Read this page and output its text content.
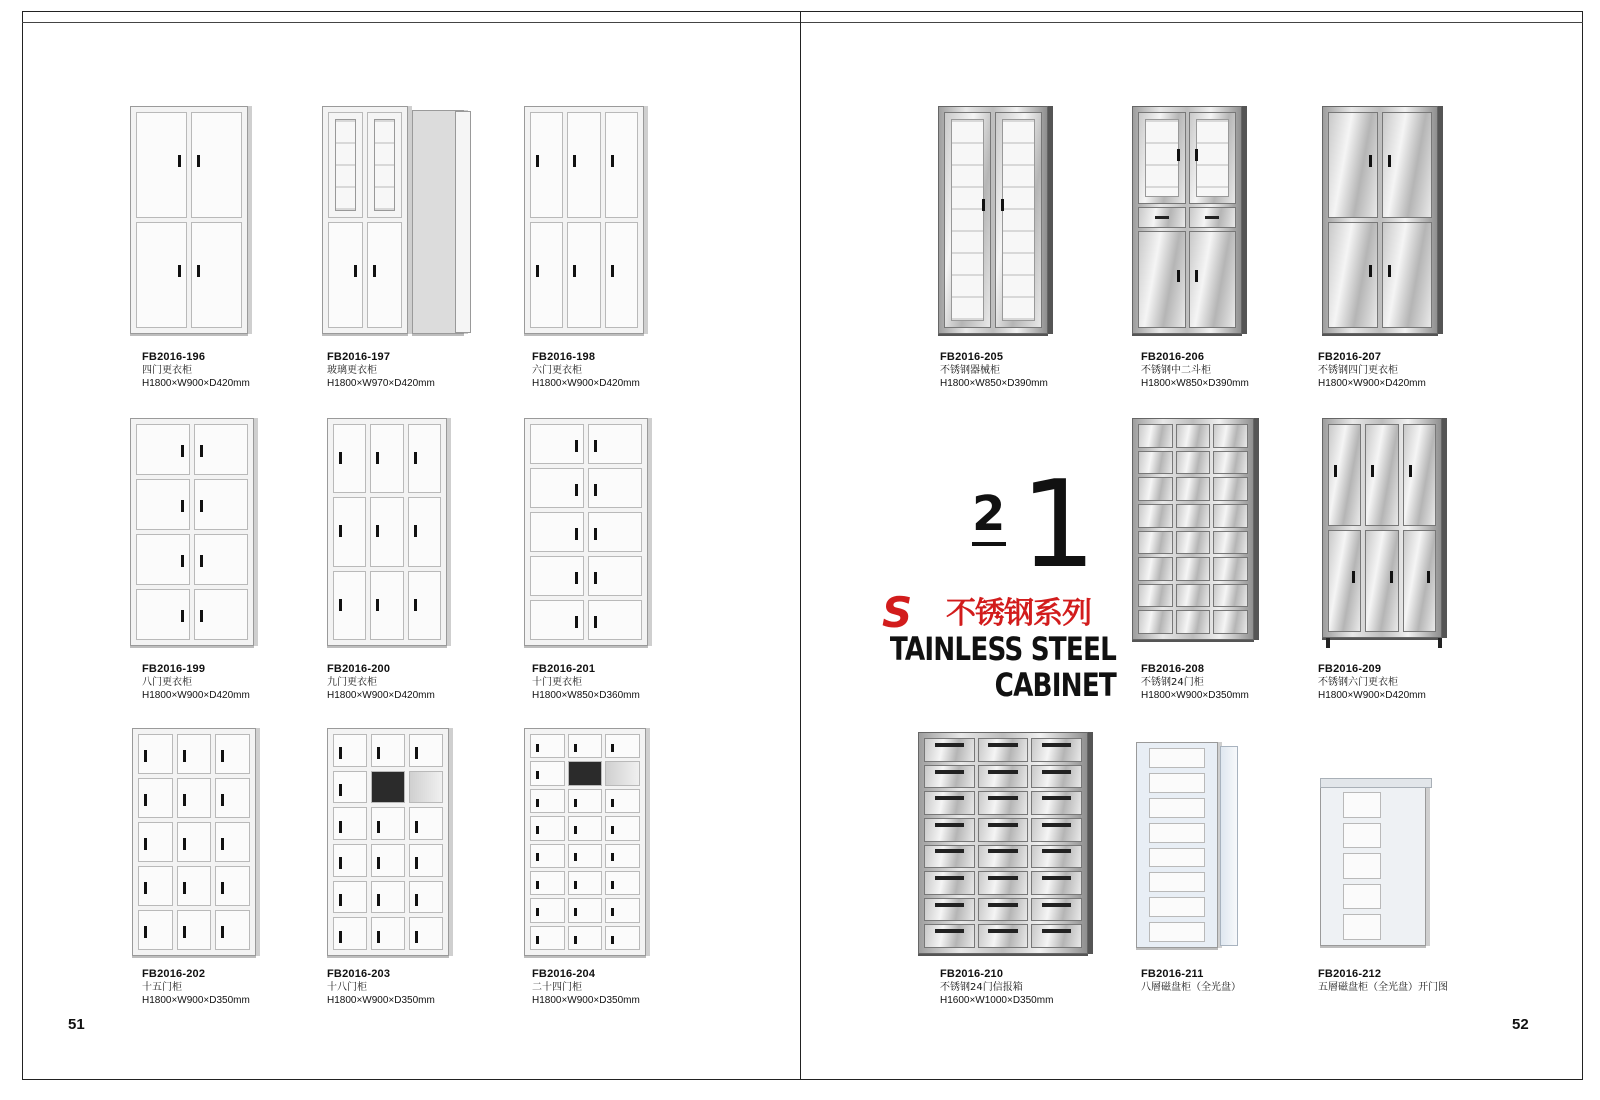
FB2016-196
四门更衣柜
H1800×W900×D420mm
FB2016-197
玻璃更衣柜
H1800×W970×D420mm
FB2016-198
六门更衣柜
H1800×W900×D420mm
FB2016-199
八门更衣柜
H1800×W900×D420mm
FB2016-200
九门更衣柜
H1800×W900×D420mm
FB2016-201
十门更衣柜
H1800×W850×D360mm
FB2016-202
十五门柜
H1800×W900×D350mm
FB2016-203
十八门柜
H1800×W900×D350mm
FB2016-204
二十四门柜
H1800×W900×D350mm
51
FB2016-205
不锈钢器械柜
H1800×W850×D390mm
FB2016-206
不锈钢中二斗柜
H1800×W850×D390mm
FB2016-207
不锈钢四门更衣柜
H1800×W900×D420mm
2 1
S 不锈钢系列
TAINLESS STEEL
CABINET FB2016-208
不锈钢24门柜
H1800×W900×D350mm
FB2016-209
不锈钢六门更衣柜
H1800×W900×D420mm
FB2016-210
不锈钢24门信报箱
H1600×W1000×D350mm
FB2016-211
八層磁盘柜（全光盘）
FB2016-212
五層磁盘柜（全光盘）开门图
52
